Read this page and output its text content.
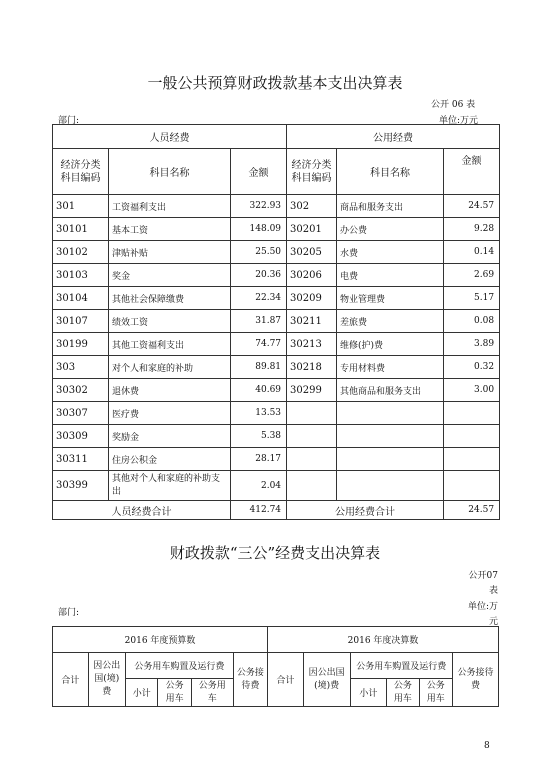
一般公共预算财政拨款基本支出决算表
公开 06 表
部门:	单位:万元
人员经费			公用经费		
经济分类科目编码	科目名称	金额	经济分类科目编码	科目名称	金额
301	工资福利支出	322.93	302	商品和服务支出	24.57
30101	基本工资	148.09	30201	办公费	9.28
30102	津贴补贴	25.50	30205	水费	0.14
30103	奖金	20.36	30206	电费	2.69
30104	其他社会保障缴费	22.34	30209	物业管理费	5.17
30107	绩效工资	31.87	30211	差旅费	0.08
30199	其他工资福利支出	74.77	30213	维修(护)费	3.89
303	对个人和家庭的补助	89.81	30218	专用材料费	0.32
30302	退休费	40.69	30299	其他商品和服务支出	3.00
30307	医疗费	13.53			
30309	奖励金	5.38			
30311	住房公积金	28.17			
30399	其他对个人和家庭的补助支出	2.04			
人员经费合计		412.74	公用经费合计		24.57
财政拨款“三公”经费支出决算表
公开07 表
单位:万元
部门:
2016 年度预算数						2016 年度决算数					
合计	因公出国(境)费	公务用车购置及运行费			公务接待费	合计	因公出国(境)费	公务用车购置及运行费			公务接待费
		小计	公务用车	公务用车				小计	公务用车	公务用车	
8
